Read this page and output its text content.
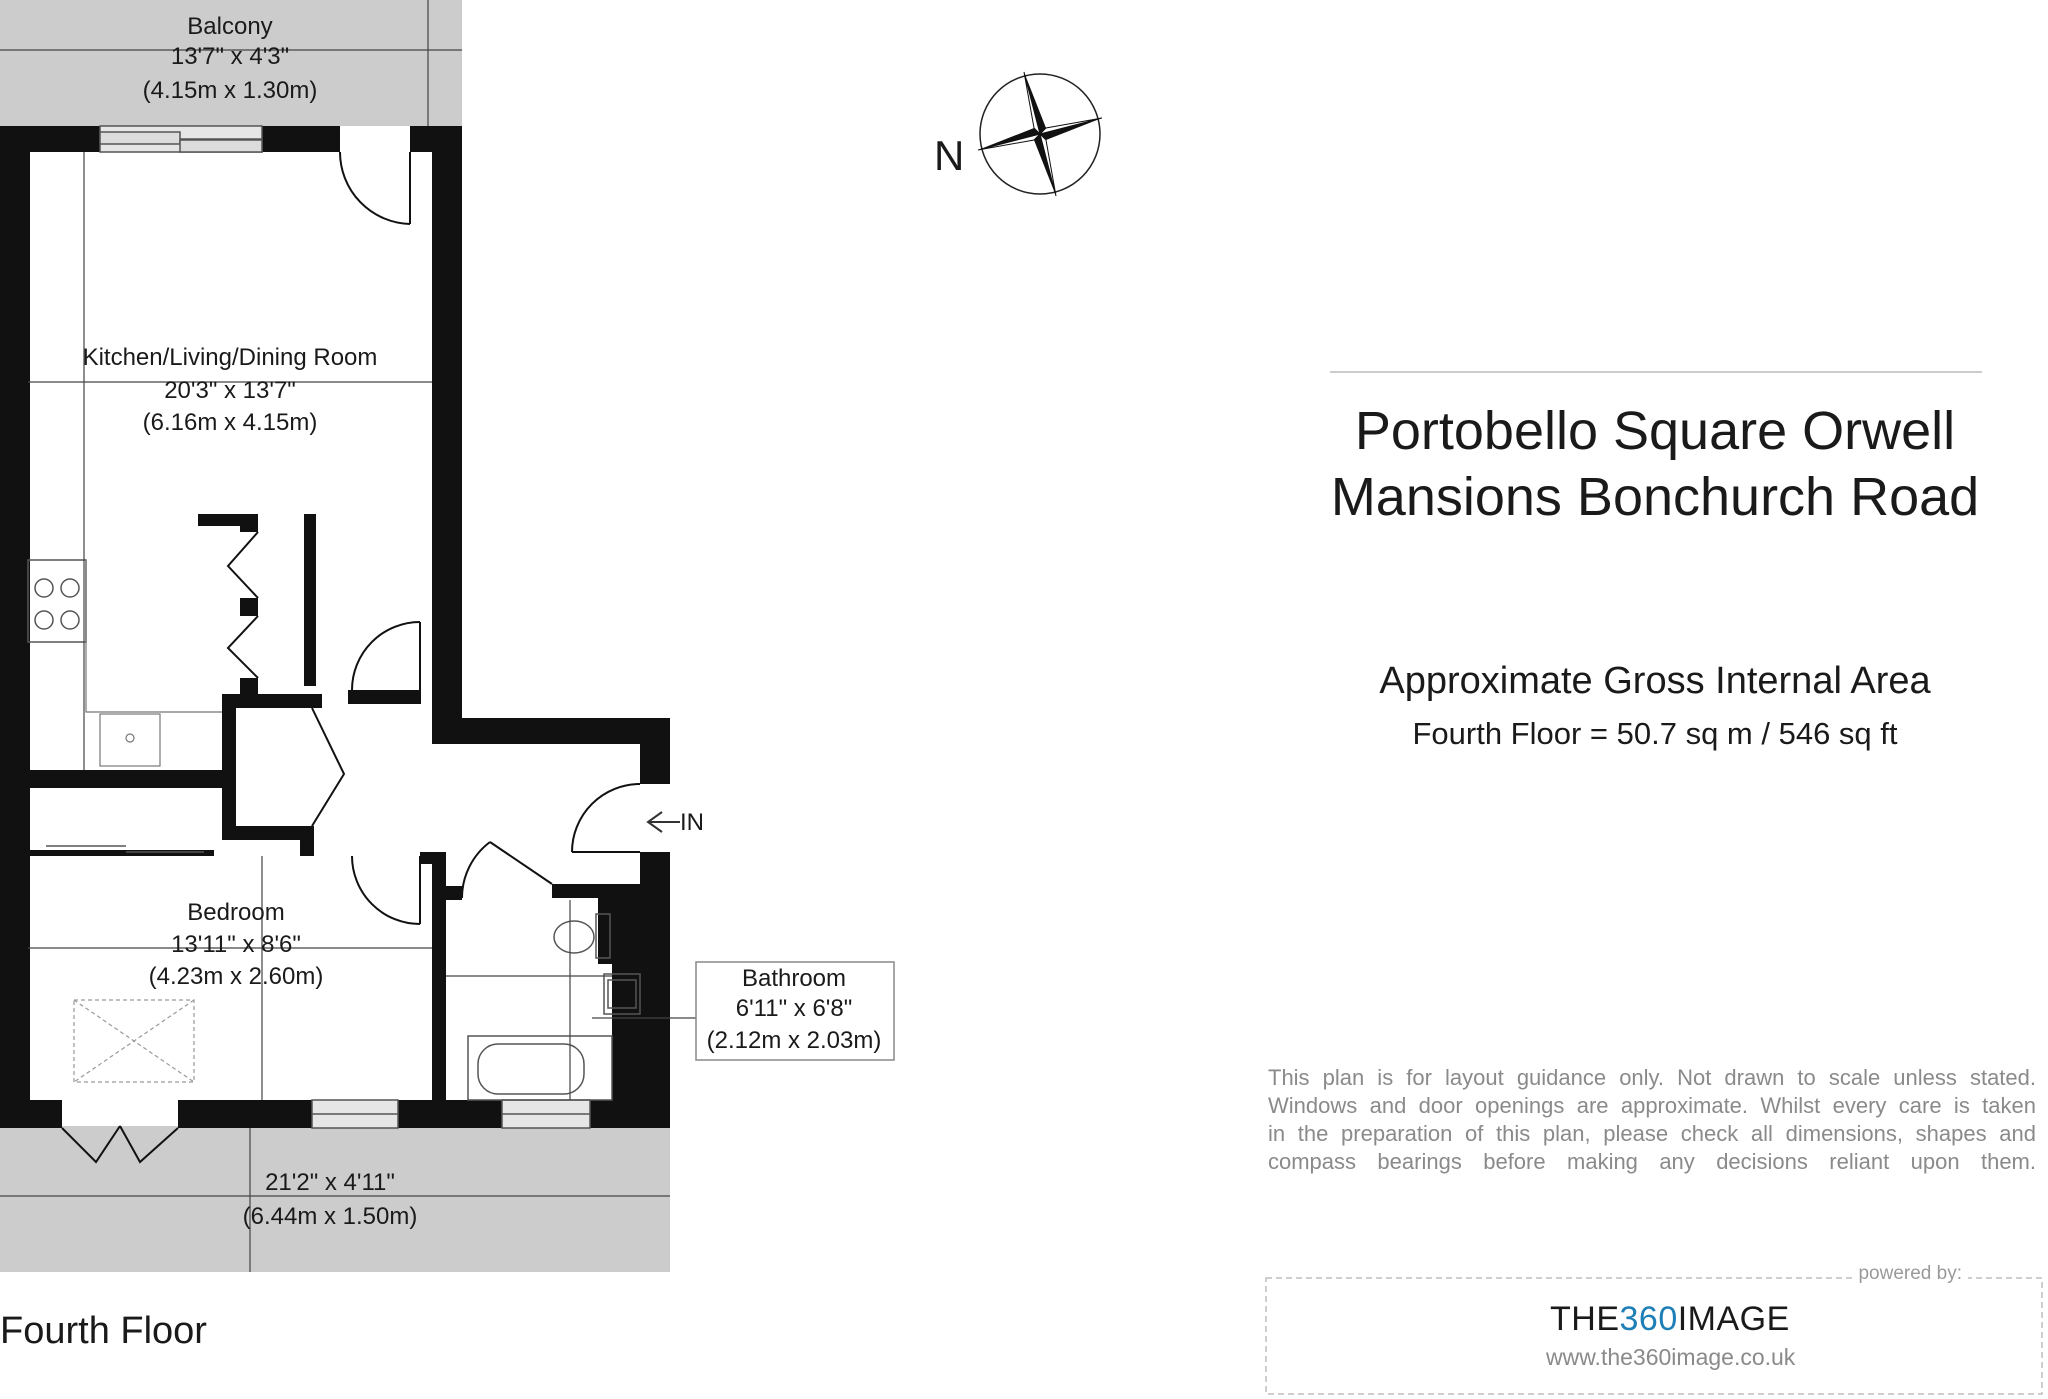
Balcony
13'7" x 4'3"
(4.15m x 1.30m)
Kitchen/Living/Dining Room
20'3" x 13'7"
(6.16m x 4.15m)
Bedroom
13'11" x 8'6"
(4.23m x 2.60m)	Bathroom
6'11" x 6'8"
(2.12m x 2.03m)
21'2" x 4'11"
(6.44m x 1.50m)
IN
N
Portobello Square Orwell
Mansions Bonchurch Road
Approximate Gross Internal Area
Fourth Floor = 50.7 sq m / 546 sq ft
This plan is for layout guidance only. Not drawn to scale unless stated.
Windows and door openings are approximate. Whilst every care is taken
in the preparation of this plan, please check all dimensions, shapes and
compass bearings before making any decisions reliant upon them.
Fourth Floor	THE360IMAGE
www.the360image.co.uk
powered by:
